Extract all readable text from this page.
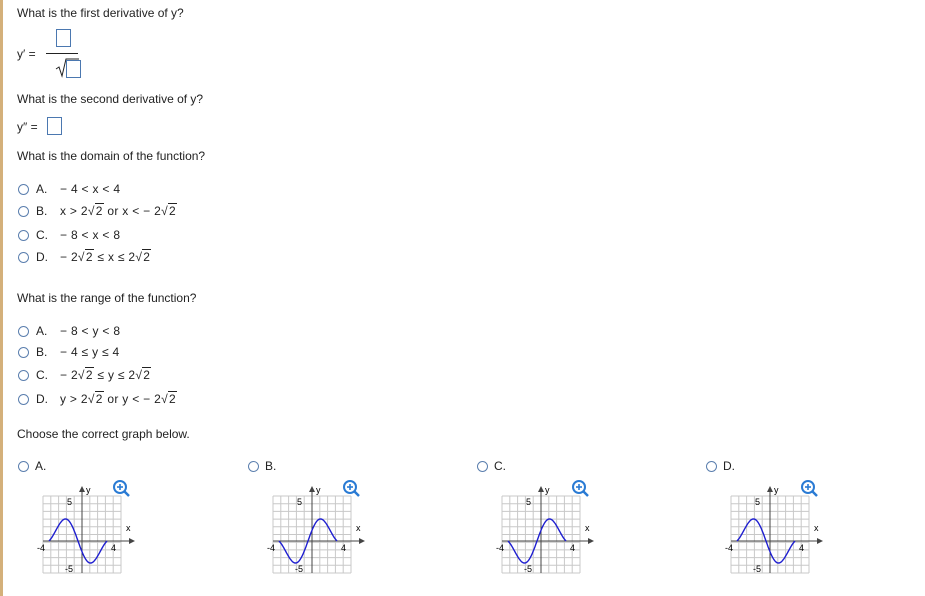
What is the first derivative of y?
y′ =
What is the second derivative of y?
y″ =
What is the domain of the function?
A.	− 4 < x < 4
B.	x > 2√2 or x < − 2√2
C.	− 8 < x < 8
D.	− 2√2 ≤ x ≤ 2√2
What is the range of the function?
A.	− 8 < y < 8
B.	− 4 ≤ y ≤ 4
C.	− 2√2 ≤ y ≤ 2√2
D.	y > 2√2 or y < − 2√2
Choose the correct graph below.
A.
y
x
5
-5
-4	4
B.
y
x
5
-5
-4	4
C.
y
x
5
-5
-4	4
D.
y
x
5
-5
-4	4
